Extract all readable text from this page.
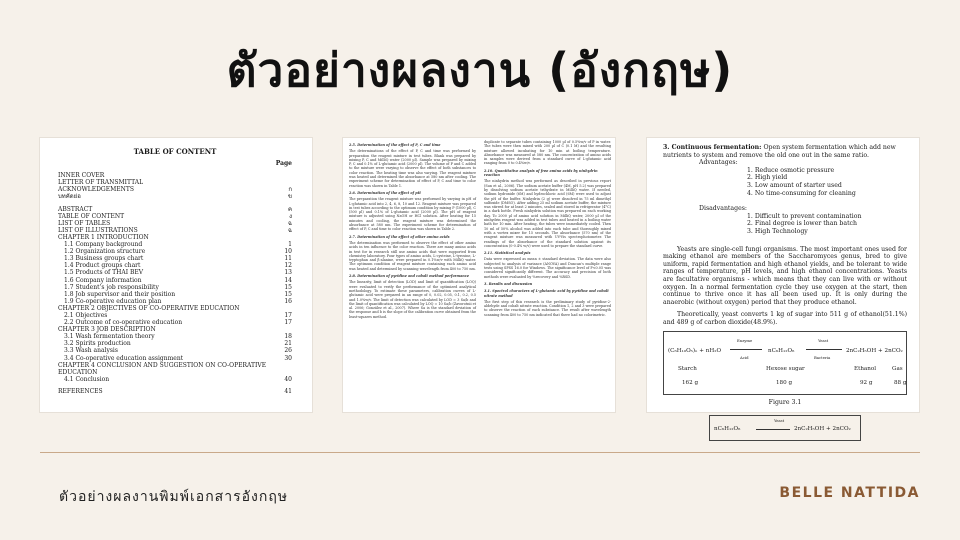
ตัวอย่างผลงาน (อังกฤษ)
TABLE OF CONTENT
Page
INNER COVER
LETTER OF TRANSMITTAL
ACKNOWLEDGEMENTS	ก
บทคัดย่อ	ข
ABSTRACT	ค
TABLE OF CONTENT	ง
LIST OF TABLES	ฉ
LIST OF ILLUSTRATIONS	ฉ
CHAPTER 1 INTRODUCTION
1.1 Company background	1
1.2 Organization structure	10
1.3 Business groups chart	11
1.4 Product groups chart	12
1.5 Products of THAI BEV	13
1.6 Company information	14
1.7 Student’s job responsibility	15
1.8 Job supervisor and their position	15
1.9 Co-operative education plan	16
CHAPTER 2 OBJECTIVES OF CO-OPERATIVE EDUCATION
2.1 Objectives	17
2.2 Outcome of co-operative education	17
CHAPTER 3 JOB DESCRIPTION
3.1 Wash fermentation theory	18
3.2 Spirits production	21
3.3 Wash analysis	26
3.4 Co-operative education assignment	30
CHAPTER 4 CONCLUSION AND SUGGESTION ON CO-OPERATIVE
EDUCATION
4.1 Conclusion	40
REFERENCES	41
2.5. Determination of the effect of P, C and time
The determinations of the effect of P, C and time was performed by preparation the reagent mixture in test tubes. Blank was prepared by mixing P, C and MilliQ water (2000 µl). Sample was prepared by mixing P, C and 0.1% of L-glutamic acid (2000 µl). The volume of P and C added to the mixture were varying to observe the effect of both substances to color reaction. The heating time was also varying. The reagent mixture was heated and determined the absorbance at 580 nm after cooling. The experiment scheme for determination of effect of P, C and time to color reaction was shown in Table 1.
2.6. Determination of the effect of pH
The preparation the reagent mixture was performed by varying in pH of L-glutamic acid into 2, 4, 6, 8, 10 and 12. Reagent mixture was prepared in test tubes according to the optimum condition by mixing P (1000 µl), C (500 µl) and 0.1% of L-glutamic acid (2000 µl). The pH of reagent mixture is adjusted using NaOH or HCl solution. After heating for 15 minutes and cooling, the reagent mixture was determined the absorbance at 580 nm. The experiment scheme for determination of effect of P, C and time to color reaction was shown in Table 2.
2.7. Determination of the effect of other amino acids
The determination was performed to observe the effect of other amino acids in ten influence to the color reaction. There are many amino acids in test for in research still use amino acids that were supported from chemistry laboratory. Four types of amino acids, L-cysteine, L-tyrosine, L-tryptophan and β-alanine, were prepared in 0.1%w/v with MilliQ water. The optimum condition of reagent mixture containing each amino acid was heated and determined by scanning wavelength from 400 to 750 nm.
2.8. Determination of pyridine and cobalt method performance
The linearity, limit of detection (LOD) and limit of quantification (LOQ) were evaluated to verify the performance of the optimized analytical methodology. To estimate these parameters, calibration curves of L-glutamic acid were prepared in an range of 0, 0.02, 0.05, 0.1, 0.2, 0.5 and 1.0%w/v. The limit of detection was calculated by LOD = 3 Sa/b and the limit of quantification was calculated by LOQ = 10 Sa/b (Zavorotnii et al. 2006; González et al., 2007). Where Sa is the standard deviation of the response and b is the slope of the calibration curve obtained from the least-squares method.
duplicate to separate tubes containing 1000 µl of 0.5%w/v of P in water. The tubes were then mixed with 200 µl of C (0.1 M) and the resulting mixture allowed incubating for 10 min at boiling temperature. Absorbance was measured at 580 nm. The concentration of amino acids in samples were derived from a standard curve of L-glutamic acid ranging from 0 to 0.4%w/v.
2.10. Quantitative analysis of free amino acids by ninhydrin reaction
The ninhydrin method was performed as described in previous report (Sun et al., 2006). The sodium acetate buffer (4M, pH 5.2) was prepared by dissolving sodium acetate trihydrate in MilliQ water. If needed, sodium hydroxide (6M) and hydrochloric acid (6M) were used to adjust the pH of the buffer. Ninhydrin (2 g) were dissolved in 75 ml dimethyl sulfoxide (DMSO). After adding 25 ml sodium acetate buffer, the mixture was stirred for at least 2 minutes, sealed and stored in refrigerator (4°C) in a dark bottle. Fresh ninhydrin solution was prepared on each working day. To 2000 µl of amino acid solution in MilliQ water, 2000 µl of the ninhydrin reagent was added in test tubes and heated in a boiling water bath for 10 min. After heating, the tubes were immediately cooled. Then 10 ml of 50% alcohol was added into each tube and thoroughly mixed with a vortex mixer for 15 seconds. The absorbance (570 nm) of the reagent mixture was measured with UV-Vis spectrophotometer. The readings of the absorbance of the standard solution against its concentration (0-0.4% w/v) were used to prepare the standard curve.
2.11. Statistical analysis
Data were expressed as mean ± standard deviation. The data were also subjected to analysis of variance (ANOVA) and Duncan's multiple range tests using SPSS 16.0 for Windows. The significance level of P<0.05 was considered significantly different. The accuracy and precision of both methods were evaluated by %recovery and %RSD.
3. Results and discussion
3.1. Spectral characters of L-glutamic acid by pyridine and cobalt nitrate method
The first step of this research is the preliminary study of pyridine-2-aldehyde and cobalt nitrate reaction. Condition 1, 2 and 3 were prepared to observe the reaction of each substance. The result after wavelength scanning from 400 to 750 nm indicated that there had no colorimetric.
3. Continuous fermentation: Open system fermentation which add new nutrients to system and remove the old one out in the same ratio.
Advantages:
1. Reduce osmotic pressure
2. High yield
3. Low amount of starter used
4. No time-consuming for cleaning
Disadvantages:
1. Difficult to prevent contamination
2. Final degree is lower than batch
3. High Technology

Yeasts are single-cell fungi organisms. The most important ones used for making ethanol are members of the Saccharomyces genus, bred to give uniform, rapid fermentation and high ethanol yields, and be tolerant to wide ranges of temperature, pH levels, and high ethanol concentrations. Yeasts are facultative organisms - which means that they can live with or without oxygen. In a normal fermentation cycle they use oxygen at the start, then continue to thrive once it has all been used up. It is only during the anaerobic (without oxygen) period that they produce ethanol.

Theoretically, yeast converts 1 kg of sugar into 511 g of ethanol(51.1%) and 489 g of carbon dioxide(48.9%).

(C₆H₁₀O₅)ₙ + nH₂O
Enzyme
Acid
nC₆H₁₂O₆
Yeast
Bacteria
2nC₂H₅OH + 2nCO₂
Starch	Hexose sugar	Ethanol	Gas
162 g	180 g	92 g	88 g
Figure 3.1
Yeast
nC₆H₁₂O₆	2nC₂H₅OH + 2nCO₂
ตัวอย่างผลงานพิมพ์เอกสารอังกฤษ	BELLE NATTIDA
